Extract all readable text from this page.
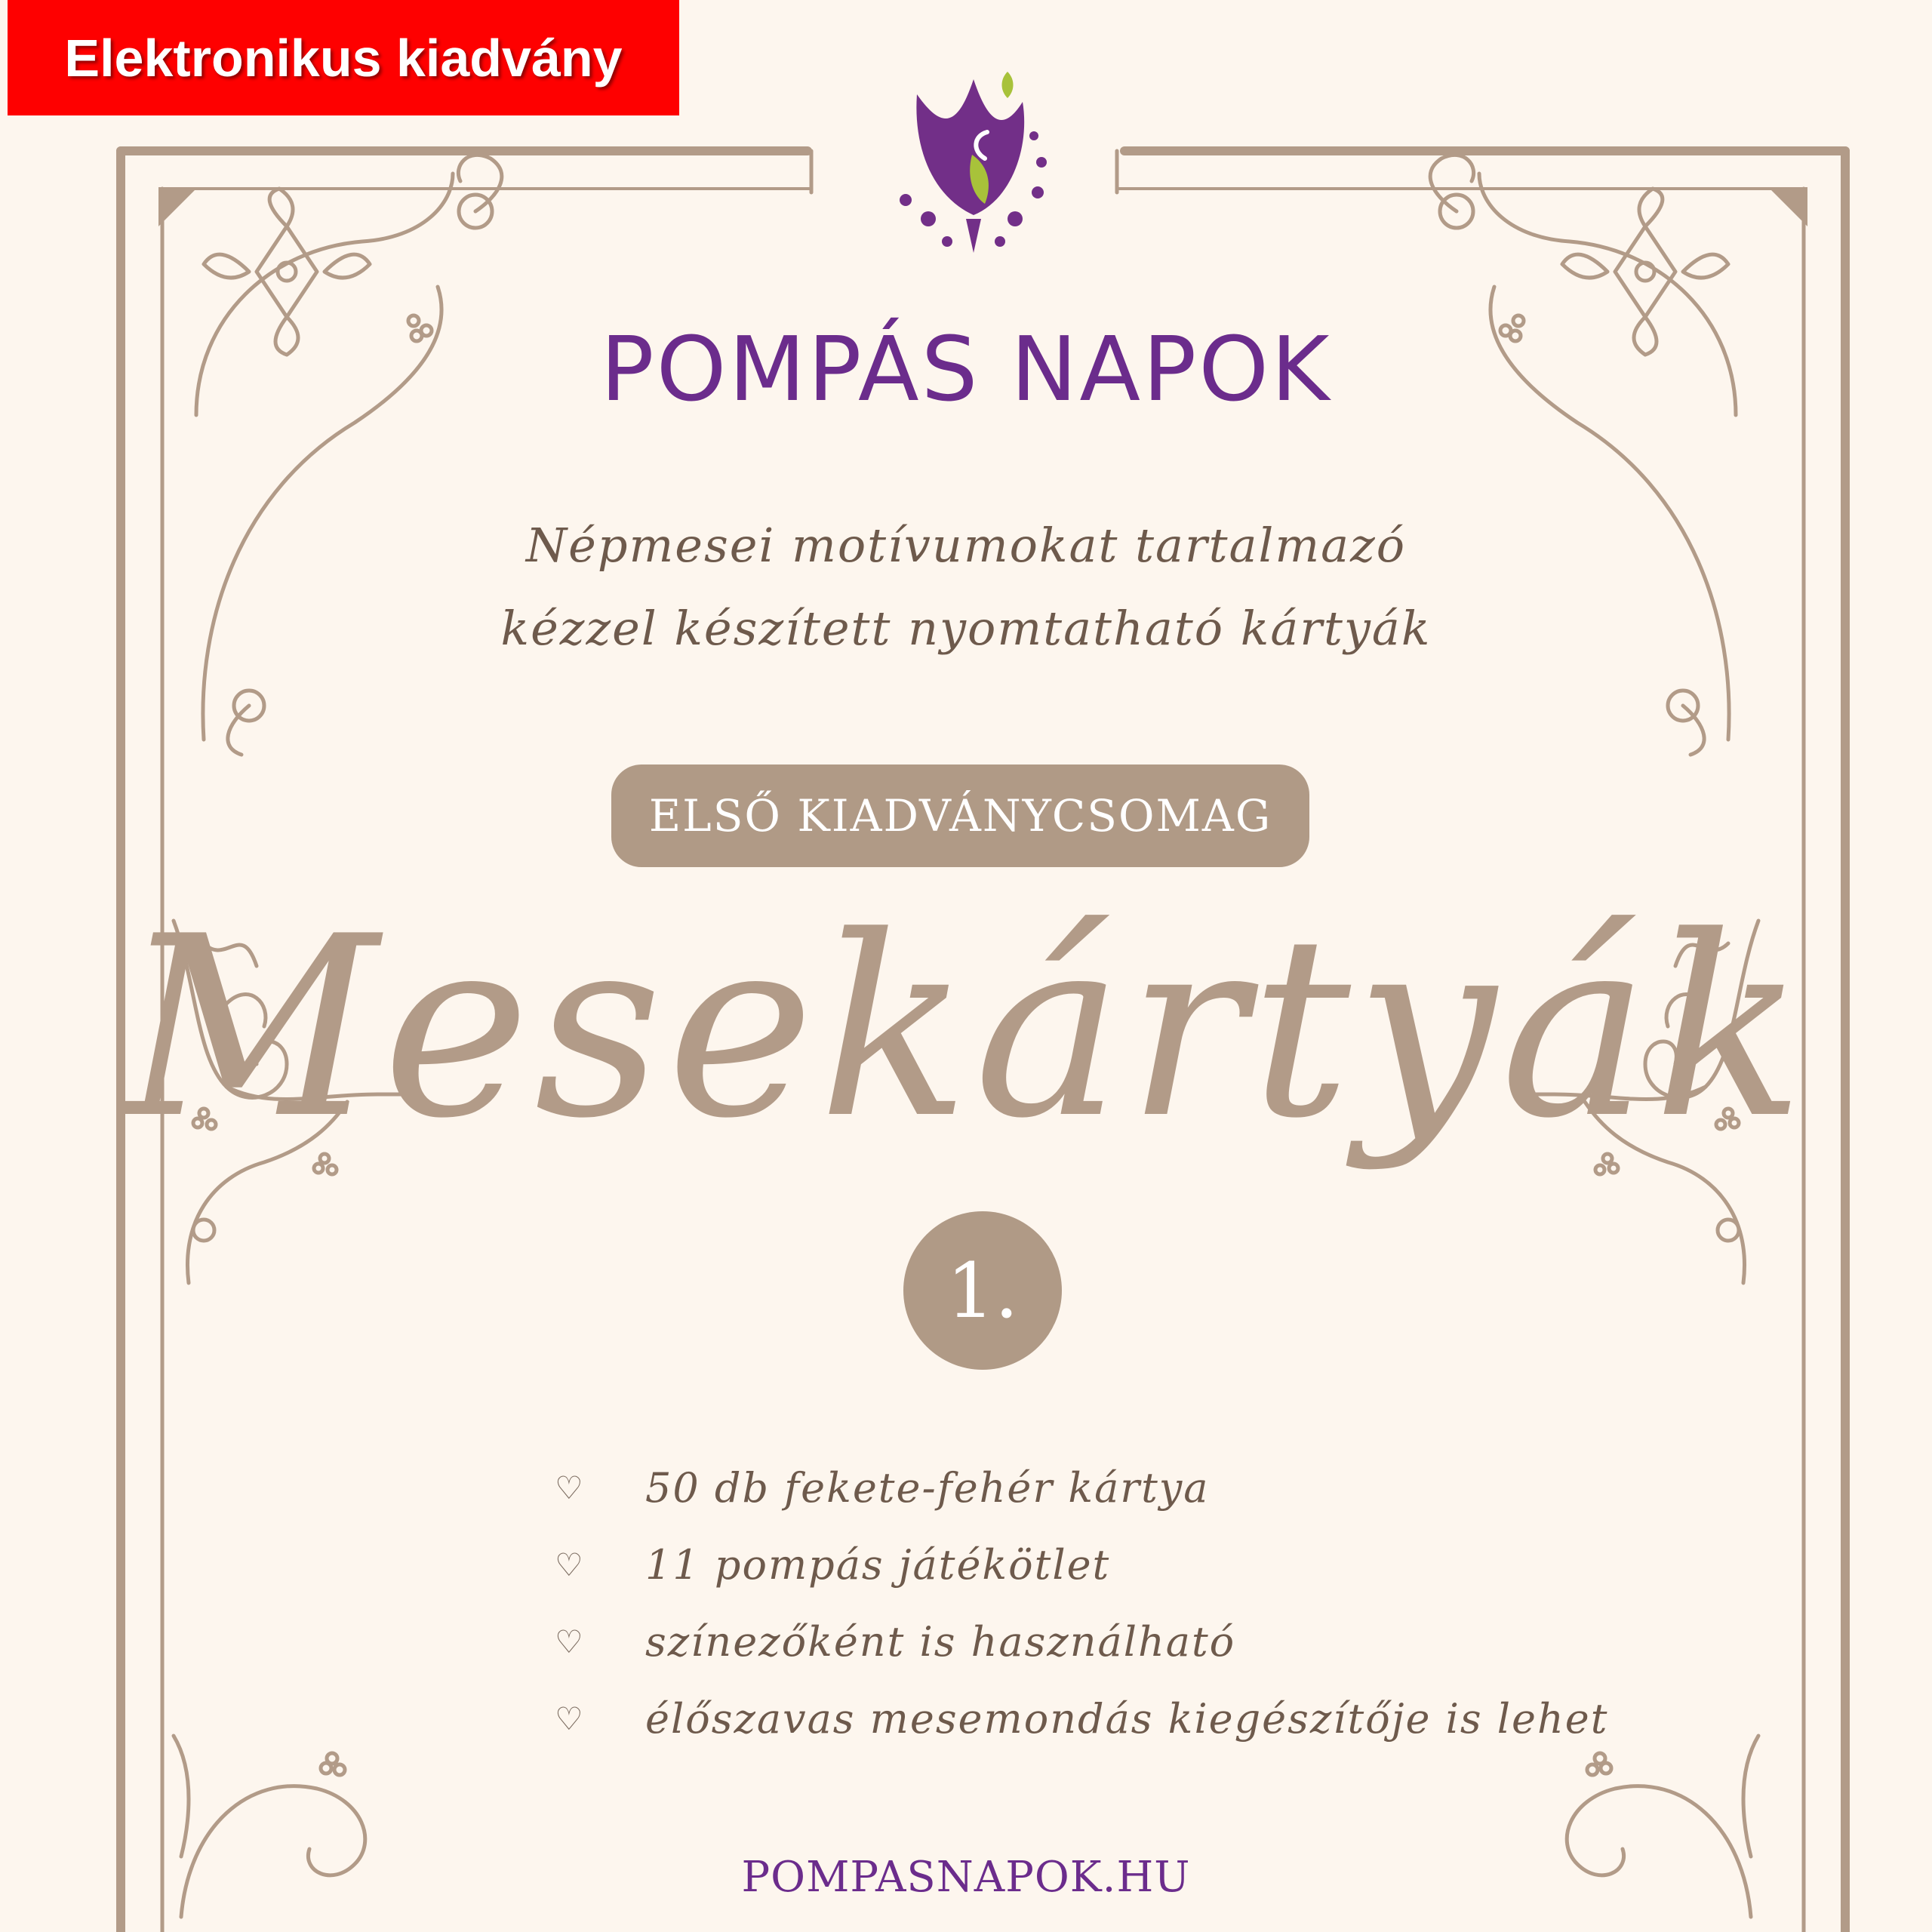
Elektronikus kiadvány
POMPÁS NAPOK
Népmesei motívumokat tartalmazó
kézzel készített nyomtatható kártyák
ELSŐ KIADVÁNYCSOMAG
Mesekártyák
1.
♡	50 db fekete-fehér kártya
♡	11 pompás játékötlet
♡	színezőként is használható
♡	élőszavas mesemondás kiegészítője is lehet
POMPASNAPOK.HU
